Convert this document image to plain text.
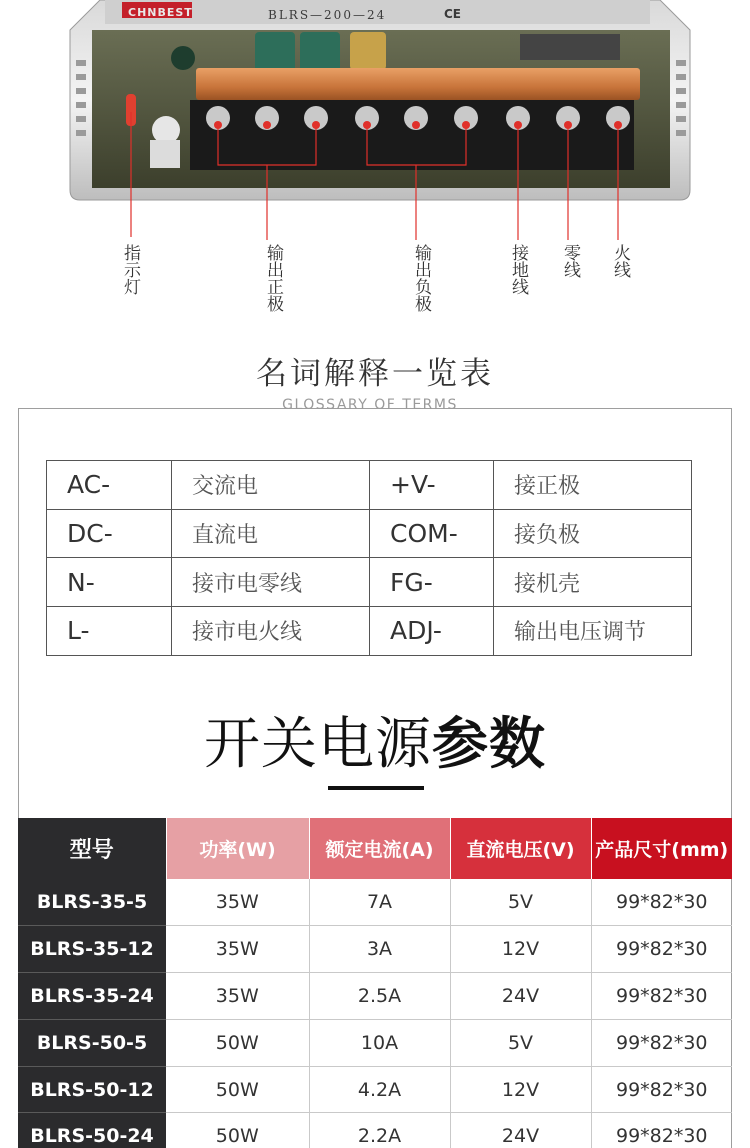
CHNBEST	BLRS—200—24	CE
指示灯	输出正极	输出负极	接地线 零线 火线
名词解释一览表
GLOSSARY OF TERMS
AC-	交流电	+V-	接正极
DC-	直流电	COM-	接负极
N-	接市电零线	FG-	接机壳
L-	接市电火线	ADJ-	输出电压调节
开关电源参数
型号	功率(W)	额定电流(A)	直流电压(V)	产品尺寸(mm)
BLRS-35-5	35W	7A	5V	99*82*30
BLRS-35-12	35W	3A	12V	99*82*30
BLRS-35-24	35W	2.5A	24V	99*82*30
BLRS-50-5	50W	10A	5V	99*82*30
BLRS-50-12	50W	4.2A	12V	99*82*30
BLRS-50-24	50W	2.2A	24V	99*82*30
